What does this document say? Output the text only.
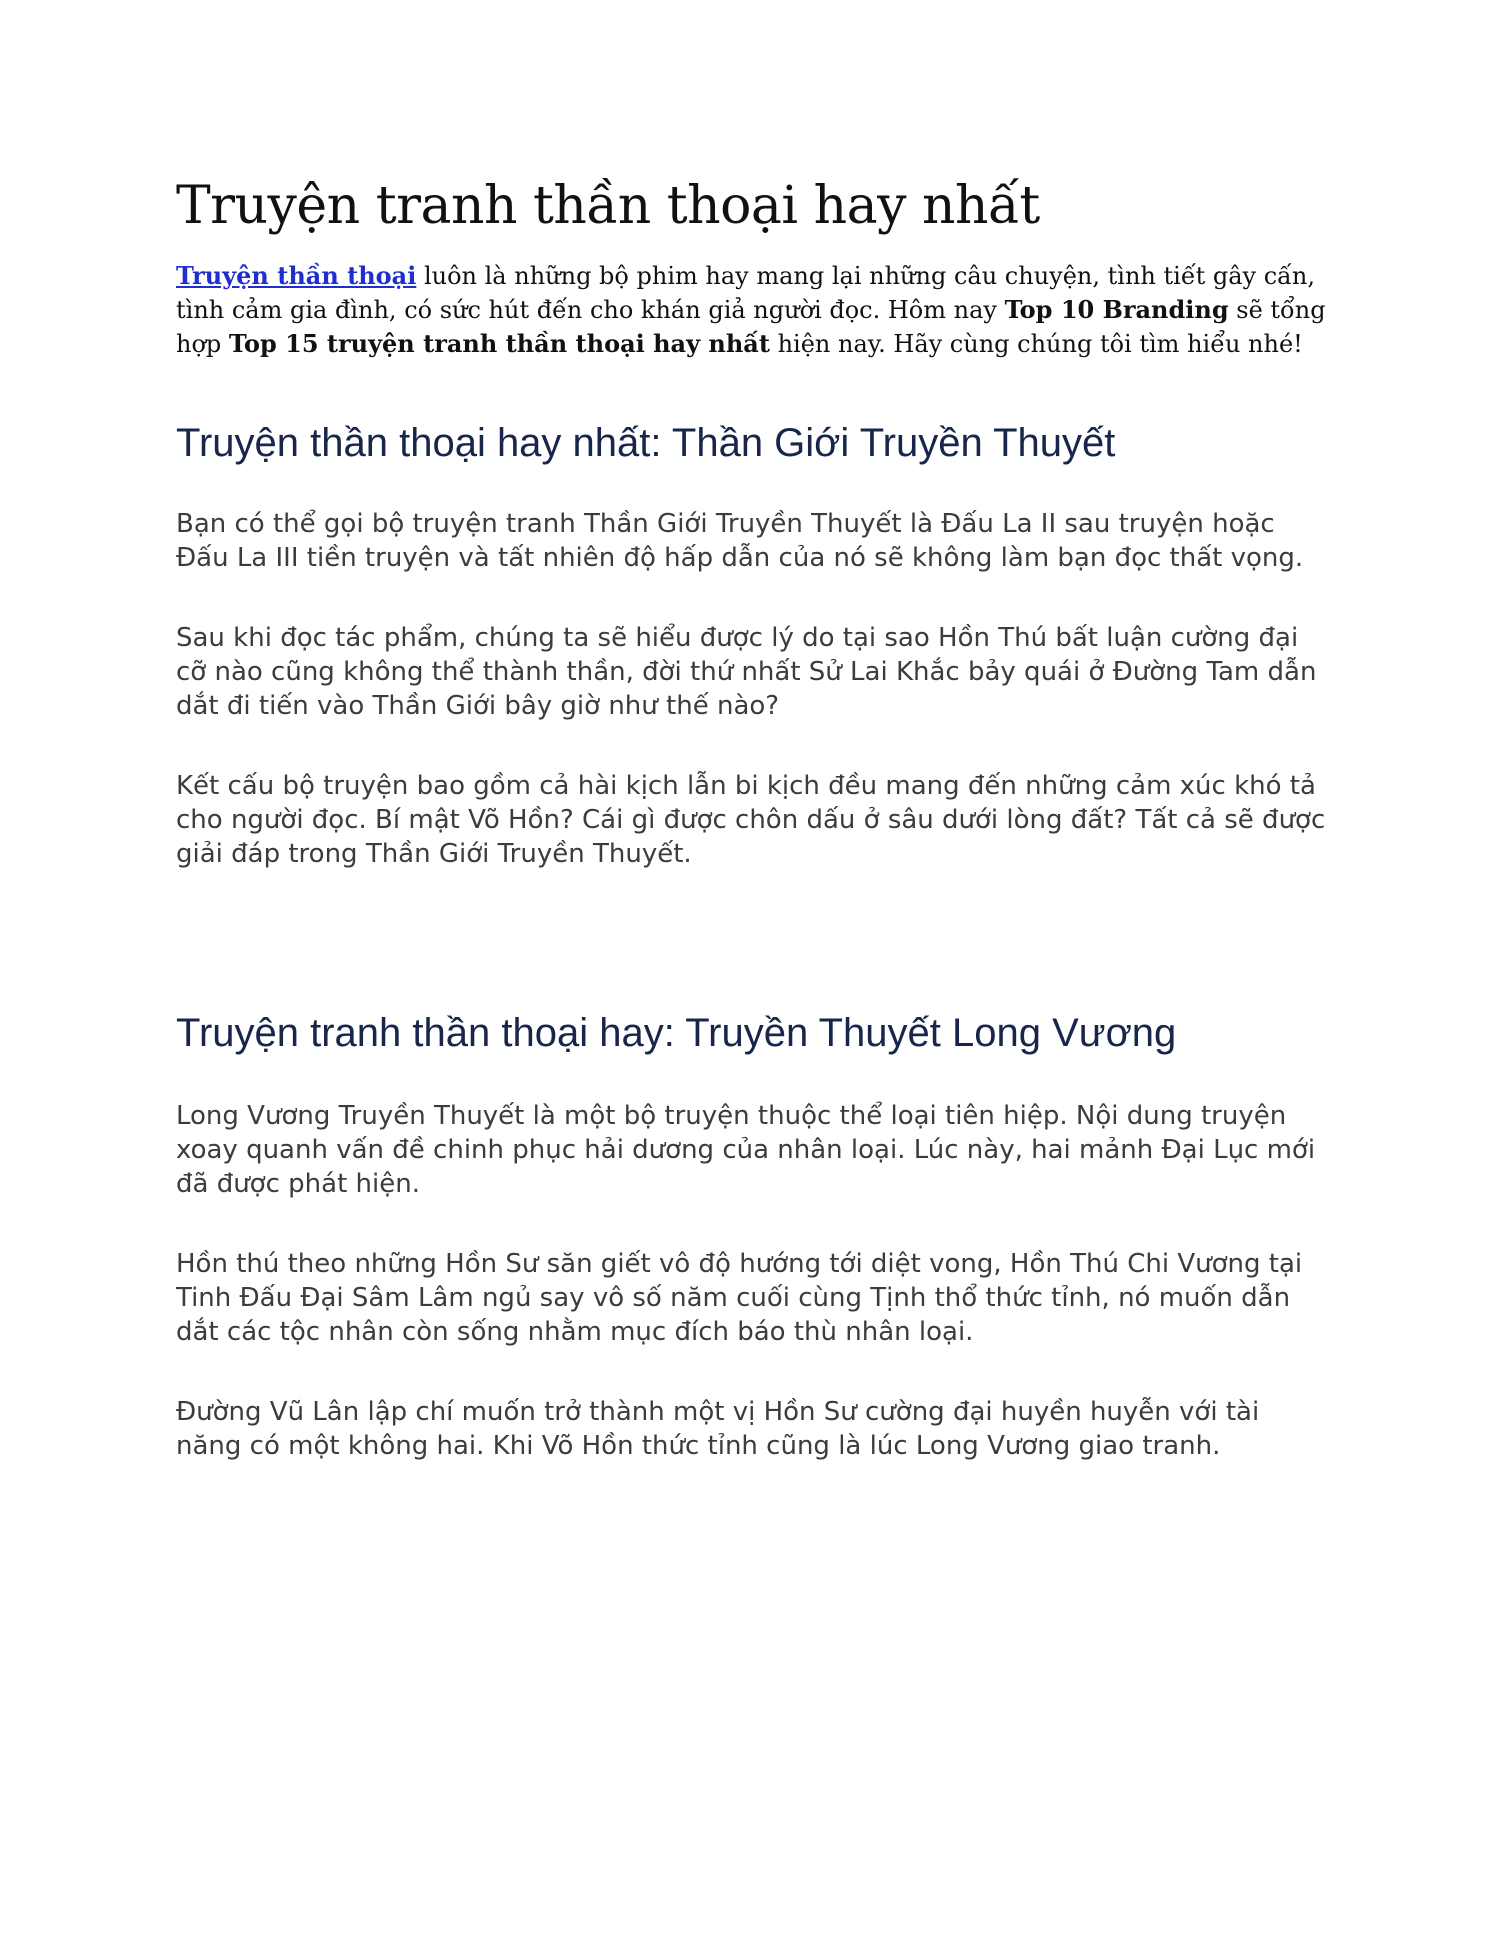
Truyện tranh thần thoại hay nhất

Truyện thần thoại luôn là những bộ phim hay mang lại những câu chuyện, tình tiết gây cấn, tình cảm gia đình, có sức hút đến cho khán giả người đọc. Hôm nay Top 10 Branding sẽ tổng hợp Top 15 truyện tranh thần thoại hay nhất hiện nay. Hãy cùng chúng tôi tìm hiểu nhé!

Truyện thần thoại hay nhất: Thần Giới Truyền Thuyết

Bạn có thể gọi bộ truyện tranh Thần Giới Truyền Thuyết là Đấu La II sau truyện hoặc Đấu La III tiền truyện và tất nhiên độ hấp dẫn của nó sẽ không làm bạn đọc thất vọng.

Sau khi đọc tác phẩm, chúng ta sẽ hiểu được lý do tại sao Hồn Thú bất luận cường đại cỡ nào cũng không thể thành thần, đời thứ nhất Sử Lai Khắc bảy quái ở Đường Tam dẫn dắt đi tiến vào Thần Giới bây giờ như thế nào?

Kết cấu bộ truyện bao gồm cả hài kịch lẫn bi kịch đều mang đến những cảm xúc khó tả cho người đọc. Bí mật Võ Hồn? Cái gì được chôn dấu ở sâu dưới lòng đất? Tất cả sẽ được giải đáp trong Thần Giới Truyền Thuyết.

Truyện tranh thần thoại hay: Truyền Thuyết Long Vương

Long Vương Truyền Thuyết là một bộ truyện thuộc thể loại tiên hiệp. Nội dung truyện xoay quanh vấn đề chinh phục hải dương của nhân loại. Lúc này, hai mảnh Đại Lục mới đã được phát hiện.

Hồn thú theo những Hồn Sư săn giết vô độ hướng tới diệt vong, Hồn Thú Chi Vương tại Tinh Đấu Đại Sâm Lâm ngủ say vô số năm cuối cùng Tịnh thổ thức tỉnh, nó muốn dẫn dắt các tộc nhân còn sống nhằm mục đích báo thù nhân loại.

Đường Vũ Lân lập chí muốn trở thành một vị Hồn Sư cường đại huyền huyễn với tài năng có một không hai. Khi Võ Hồn thức tỉnh cũng là lúc Long Vương giao tranh.
